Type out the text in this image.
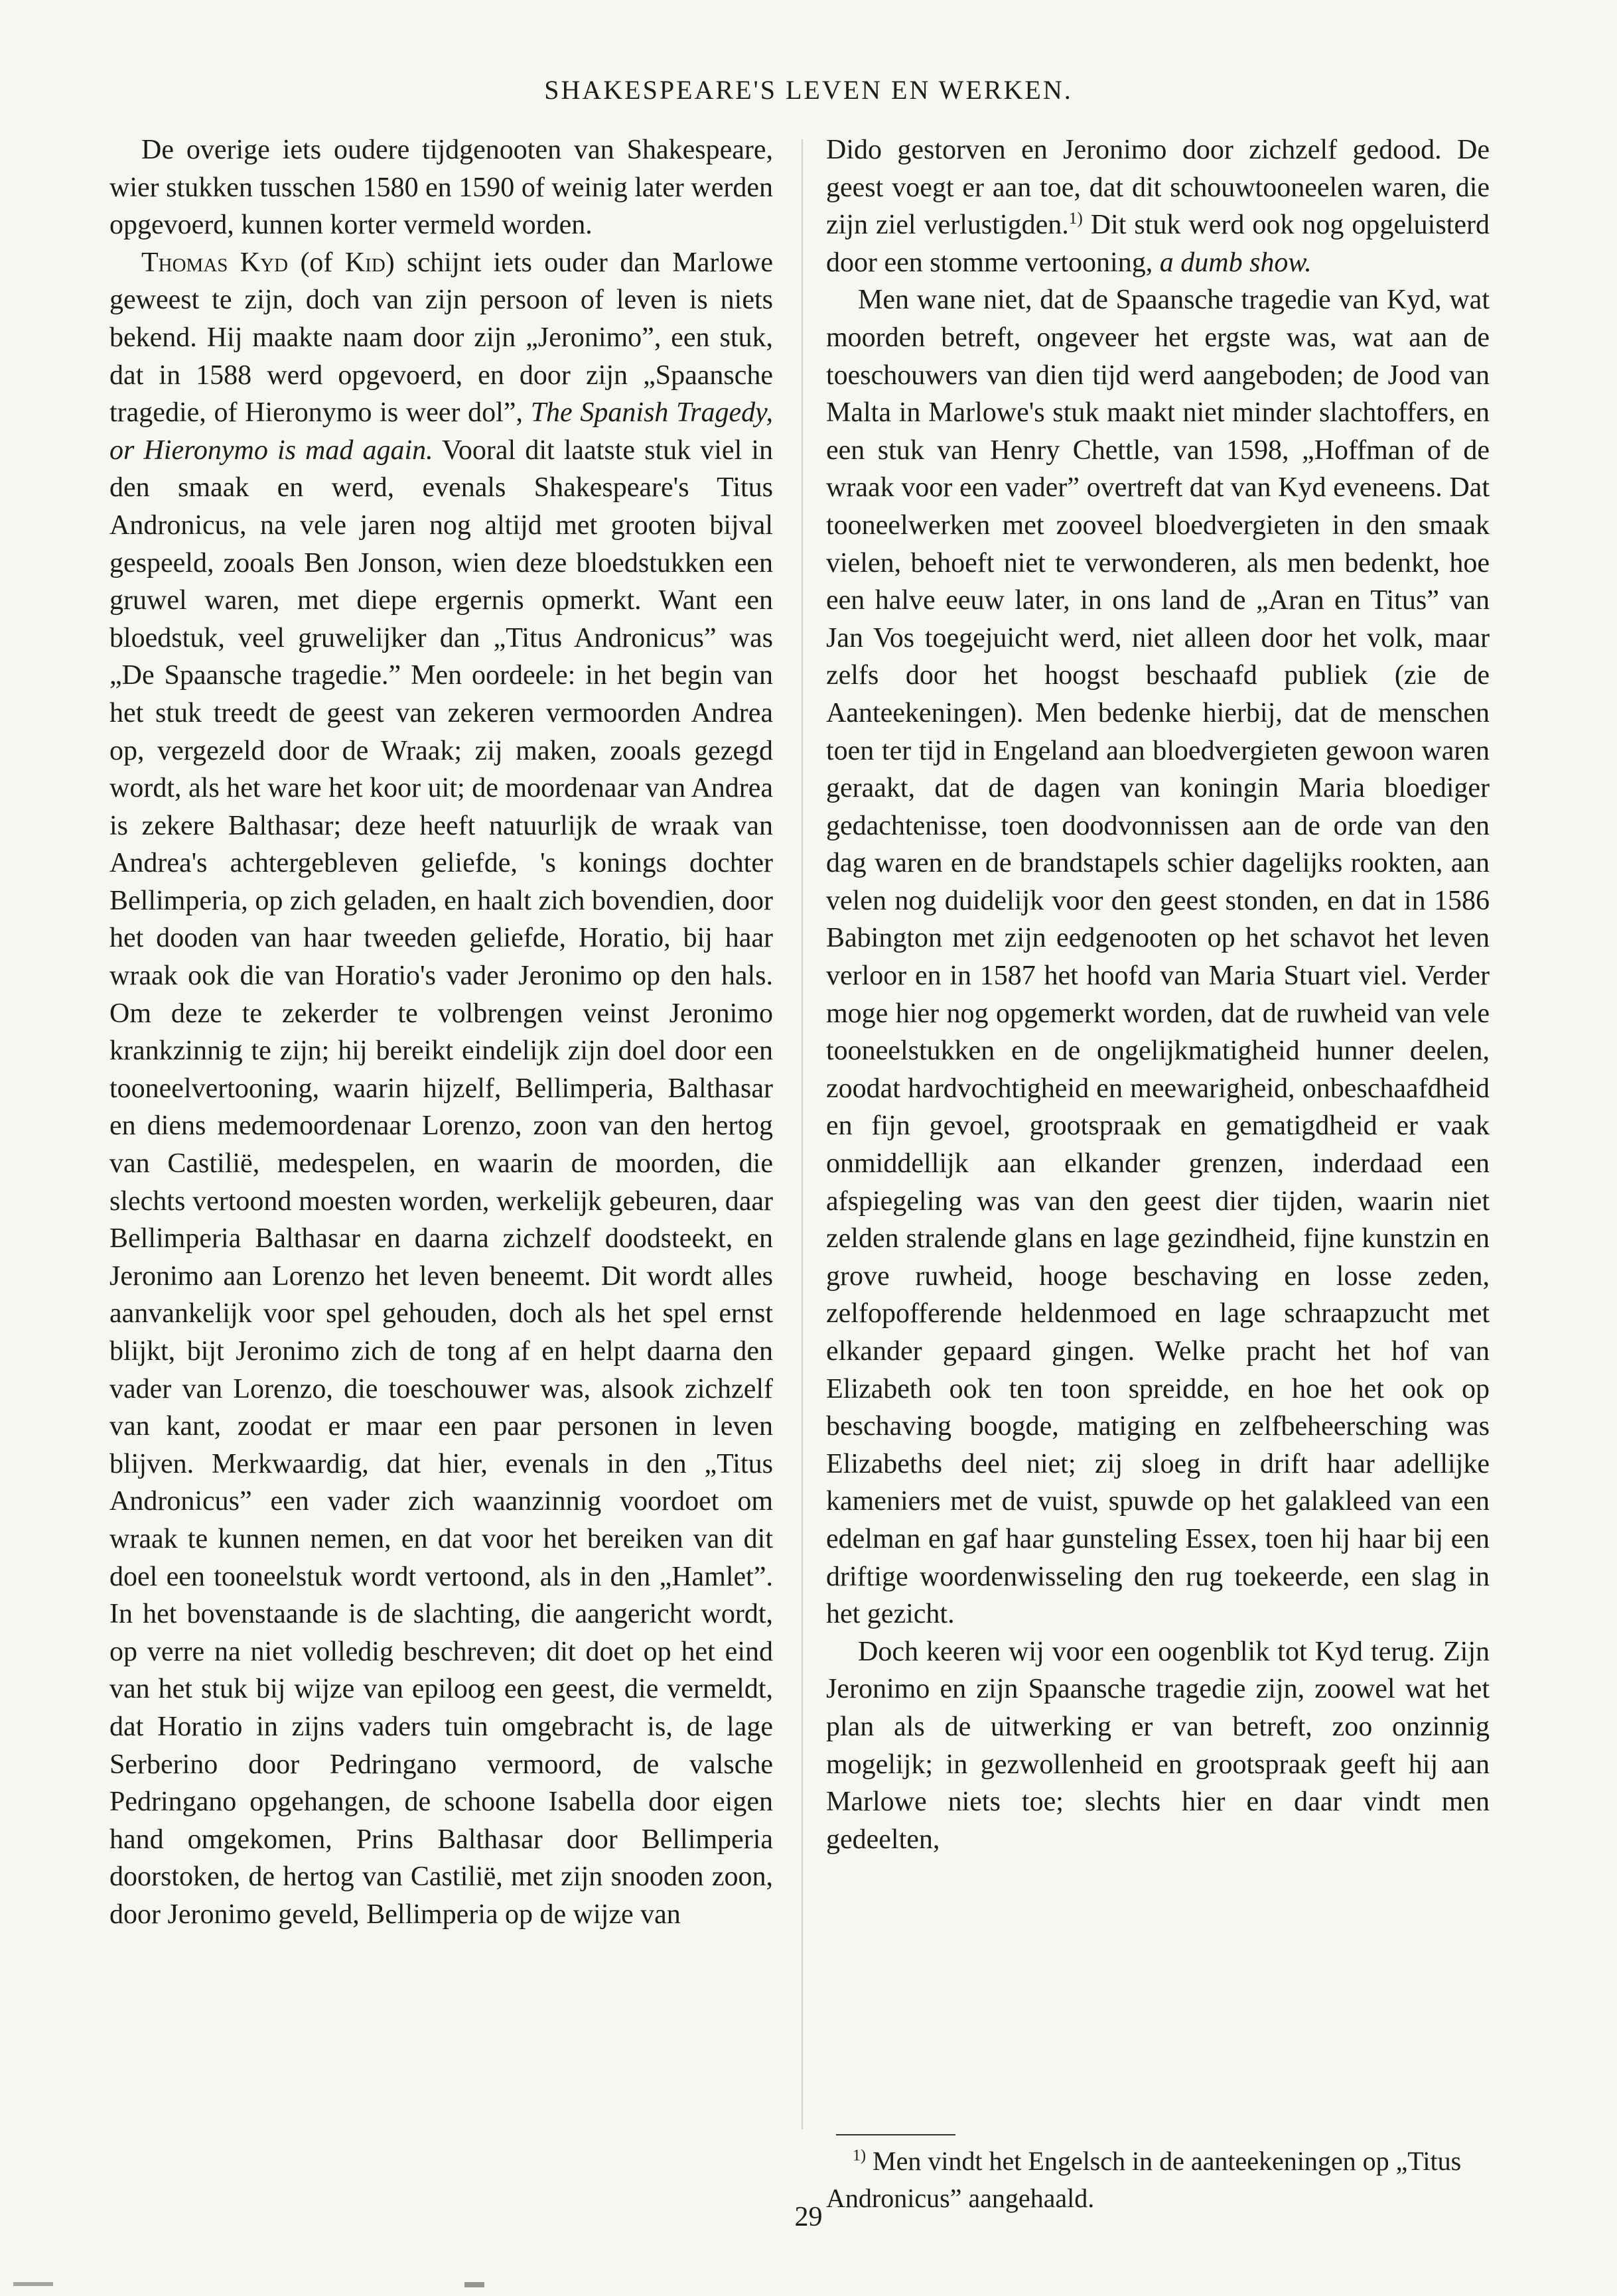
SHAKESPEARE'S LEVEN EN WERKEN.

De overige iets oudere tijdgenooten van Shakespeare, wier stukken tusschen 1580 en 1590 of weinig later werden opgevoerd, kunnen korter vermeld worden.

Thomas Kyd (of Kid) schijnt iets ouder dan Marlowe geweest te zijn, doch van zijn persoon of leven is niets bekend. Hij maakte naam door zijn „Jeronimo”, een stuk, dat in 1588 werd opgevoerd, en door zijn „Spaansche tragedie, of Hieronymo is weer dol”, The Spanish Tragedy, or Hieronymo is mad again. Vooral dit laatste stuk viel in den smaak en werd, evenals Shakespeare's Titus Andronicus, na vele jaren nog altijd met grooten bijval gespeeld, zooals Ben Jonson, wien deze bloedstukken een gruwel waren, met diepe ergernis opmerkt. Want een bloedstuk, veel gruwelijker dan „Titus Andronicus” was „De Spaansche tragedie.” Men oordeele: in het begin van het stuk treedt de geest van zekeren vermoorden Andrea op, vergezeld door de Wraak; zij maken, zooals gezegd wordt, als het ware het koor uit; de moordenaar van Andrea is zekere Balthasar; deze heeft natuurlijk de wraak van Andrea's achtergebleven geliefde, 's konings dochter Bellimperia, op zich geladen, en haalt zich bovendien, door het dooden van haar tweeden geliefde, Horatio, bij haar wraak ook die van Horatio's vader Jeronimo op den hals. Om deze te zekerder te volbrengen veinst Jeronimo krankzinnig te zijn; hij bereikt eindelijk zijn doel door een tooneelvertooning, waarin hijzelf, Bellimperia, Balthasar en diens medemoordenaar Lorenzo, zoon van den hertog van Castilië, medespelen, en waarin de moorden, die slechts vertoond moesten worden, werkelijk gebeuren, daar Bellimperia Balthasar en daarna zichzelf doodsteekt, en Jeronimo aan Lorenzo het leven beneemt. Dit wordt alles aanvankelijk voor spel gehouden, doch als het spel ernst blijkt, bijt Jeronimo zich de tong af en helpt daarna den vader van Lorenzo, die toeschouwer was, alsook zichzelf van kant, zoodat er maar een paar personen in leven blijven. Merkwaardig, dat hier, evenals in den „Titus Andronicus” een vader zich waanzinnig voordoet om wraak te kunnen nemen, en dat voor het bereiken van dit doel een tooneelstuk wordt vertoond, als in den „Hamlet”. In het bovenstaande is de slachting, die aangericht wordt, op verre na niet volledig beschreven; dit doet op het eind van het stuk bij wijze van epiloog een geest, die vermeldt, dat Horatio in zijns vaders tuin omgebracht is, de lage Serberino door Pedringano vermoord, de valsche Pedringano opgehangen, de schoone Isabella door eigen hand omgekomen, Prins Balthasar door Bellimperia doorstoken, de hertog van Castilië, met zijn snooden zoon, door Jeronimo geveld, Bellimperia op de wijze van

Dido gestorven en Jeronimo door zichzelf gedood. De geest voegt er aan toe, dat dit schouwtooneelen waren, die zijn ziel verlustigden.$^{1)}$ Dit stuk werd ook nog opgeluisterd door een stomme vertooning, a dumb show.

Men wane niet, dat de Spaansche tragedie van Kyd, wat moorden betreft, ongeveer het ergste was, wat aan de toeschouwers van dien tijd werd aangeboden; de Jood van Malta in Marlowe's stuk maakt niet minder slachtoffers, en een stuk van Henry Chettle, van 1598, „Hoffman of de wraak voor een vader” overtreft dat van Kyd eveneens. Dat tooneelwerken met zooveel bloedvergieten in den smaak vielen, behoeft niet te verwonderen, als men bedenkt, hoe een halve eeuw later, in ons land de „Aran en Titus” van Jan Vos toegejuicht werd, niet alleen door het volk, maar zelfs door het hoogst beschaafd publiek (zie de Aanteekeningen). Men bedenke hierbij, dat de menschen toen ter tijd in Engeland aan bloedvergieten gewoon waren geraakt, dat de dagen van koningin Maria bloediger gedachtenisse, toen doodvonnissen aan de orde van den dag waren en de brandstapels schier dagelijks rookten, aan velen nog duidelijk voor den geest stonden, en dat in 1586 Babington met zijn eedgenooten op het schavot het leven verloor en in 1587 het hoofd van Maria Stuart viel. Verder moge hier nog opgemerkt worden, dat de ruwheid van vele tooneelstukken en de ongelijkmatigheid hunner deelen, zoodat hardvochtigheid en meewarigheid, onbeschaafdheid en fijn gevoel, grootspraak en gematigdheid er vaak onmiddellijk aan elkander grenzen, inderdaad een afspiegeling was van den geest dier tijden, waarin niet zelden stralende glans en lage gezindheid, fijne kunstzin en grove ruwheid, hooge beschaving en losse zeden, zelfopofferende heldenmoed en lage schraapzucht met elkander gepaard gingen. Welke pracht het hof van Elizabeth ook ten toon spreidde, en hoe het ook op beschaving boogde, matiging en zelfbeheersching was Elizabeths deel niet; zij sloeg in drift haar adellijke kameniers met de vuist, spuwde op het galakleed van een edelman en gaf haar gunsteling Essex, toen hij haar bij een driftige woordenwisseling den rug toekeerde, een slag in het gezicht.

Doch keeren wij voor een oogenblik tot Kyd terug. Zijn Jeronimo en zijn Spaansche tragedie zijn, zoowel wat het plan als de uitwerking er van betreft, zoo onzinnig mogelijk; in gezwollenheid en grootspraak geeft hij aan Marlowe niets toe; slechts hier en daar vindt men gedeelten,

$^{1)}$ Men vindt het Engelsch in de aanteekeningen op „Titus Andronicus” aangehaald.

29
